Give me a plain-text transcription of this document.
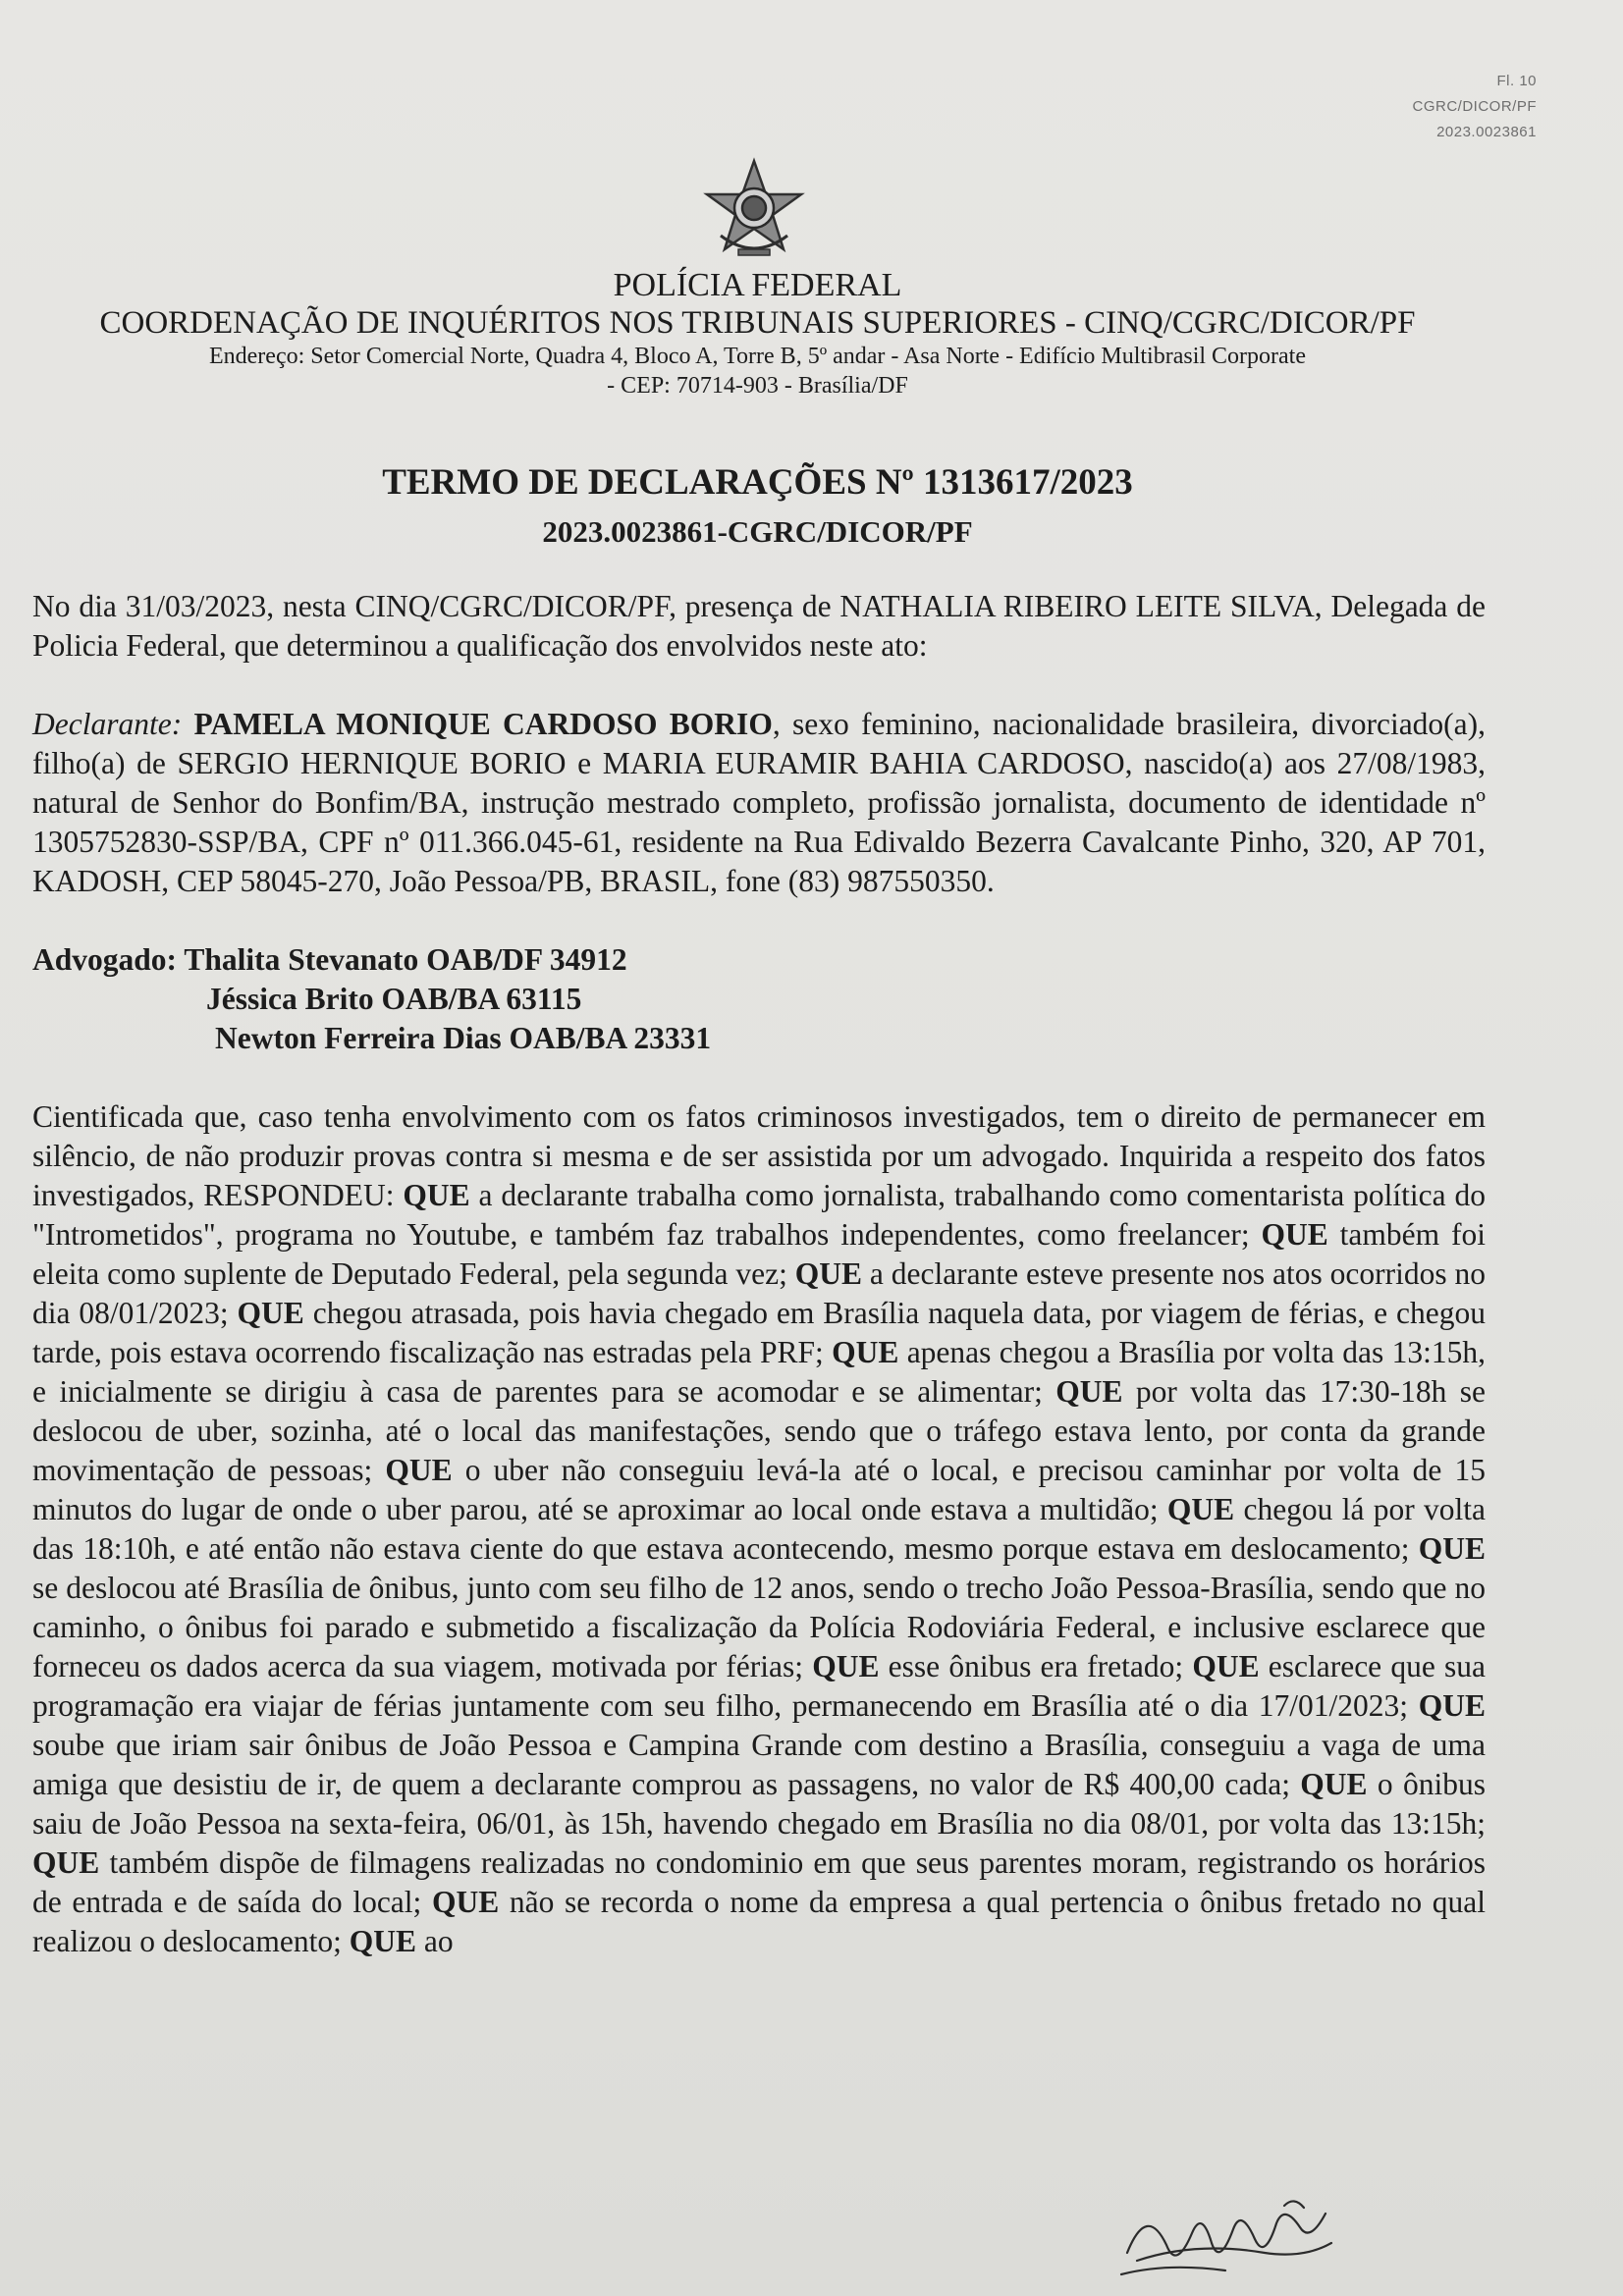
Fl. 10
CGRC/DICOR/PF
2023.0023861
POLÍCIA FEDERAL
COORDENAÇÃO DE INQUÉRITOS NOS TRIBUNAIS SUPERIORES - CINQ/CGRC/DICOR/PF
Endereço: Setor Comercial Norte, Quadra 4, Bloco A, Torre B, 5º andar - Asa Norte - Edifício Multibrasil Corporate
- CEP: 70714-903 - Brasília/DF
TERMO DE DECLARAÇÕES Nº 1313617/2023
2023.0023861-CGRC/DICOR/PF

No dia 31/03/2023, nesta CINQ/CGRC/DICOR/PF, presença de NATHALIA RIBEIRO LEITE SILVA, Delegada de Policia Federal, que determinou a qualificação dos envolvidos neste ato:

Declarante: PAMELA MONIQUE CARDOSO BORIO, sexo feminino, nacionalidade brasileira, divorciado(a), filho(a) de SERGIO HERNIQUE BORIO e MARIA EURAMIR BAHIA CARDOSO, nascido(a) aos 27/08/1983, natural de Senhor do Bonfim/BA, instrução mestrado completo, profissão jornalista, documento de identidade nº 1305752830-SSP/BA, CPF nº 011.366.045-61, residente na Rua Edivaldo Bezerra Cavalcante Pinho, 320, AP 701, KADOSH, CEP 58045-270, João Pessoa/PB, BRASIL, fone (83) 987550350.

Advogado: Thalita Stevanato OAB/DF 34912
Jéssica Brito OAB/BA 63115
Newton Ferreira Dias OAB/BA 23331

Cientificada que, caso tenha envolvimento com os fatos criminosos investigados, tem o direito de permanecer em silêncio, de não produzir provas contra si mesma e de ser assistida por um advogado. Inquirida a respeito dos fatos investigados, RESPONDEU: QUE a declarante trabalha como jornalista, trabalhando como comentarista política do "Intrometidos", programa no Youtube, e também faz trabalhos independentes, como freelancer; QUE também foi eleita como suplente de Deputado Federal, pela segunda vez; QUE a declarante esteve presente nos atos ocorridos no dia 08/01/2023; QUE chegou atrasada, pois havia chegado em Brasília naquela data, por viagem de férias, e chegou tarde, pois estava ocorrendo fiscalização nas estradas pela PRF; QUE apenas chegou a Brasília por volta das 13:15h, e inicialmente se dirigiu à casa de parentes para se acomodar e se alimentar; QUE por volta das 17:30-18h se deslocou de uber, sozinha, até o local das manifestações, sendo que o tráfego estava lento, por conta da grande movimentação de pessoas; QUE o uber não conseguiu levá-la até o local, e precisou caminhar por volta de 15 minutos do lugar de onde o uber parou, até se aproximar ao local onde estava a multidão; QUE chegou lá por volta das 18:10h, e até então não estava ciente do que estava acontecendo, mesmo porque estava em deslocamento; QUE se deslocou até Brasília de ônibus, junto com seu filho de 12 anos, sendo o trecho João Pessoa-Brasília, sendo que no caminho, o ônibus foi parado e submetido a fiscalização da Polícia Rodoviária Federal, e inclusive esclarece que forneceu os dados acerca da sua viagem, motivada por férias; QUE esse ônibus era fretado; QUE esclarece que sua programação era viajar de férias juntamente com seu filho, permanecendo em Brasília até o dia 17/01/2023; QUE soube que iriam sair ônibus de João Pessoa e Campina Grande com destino a Brasília, conseguiu a vaga de uma amiga que desistiu de ir, de quem a declarante comprou as passagens, no valor de R$ 400,00 cada; QUE o ônibus saiu de João Pessoa na sexta-feira, 06/01, às 15h, havendo chegado em Brasília no dia 08/01, por volta das 13:15h; QUE também dispõe de filmagens realizadas no condominio em que seus parentes moram, registrando os horários de entrada e de saída do local; QUE não se recorda o nome da empresa a qual pertencia o ônibus fretado no qual realizou o deslocamento; QUE ao
